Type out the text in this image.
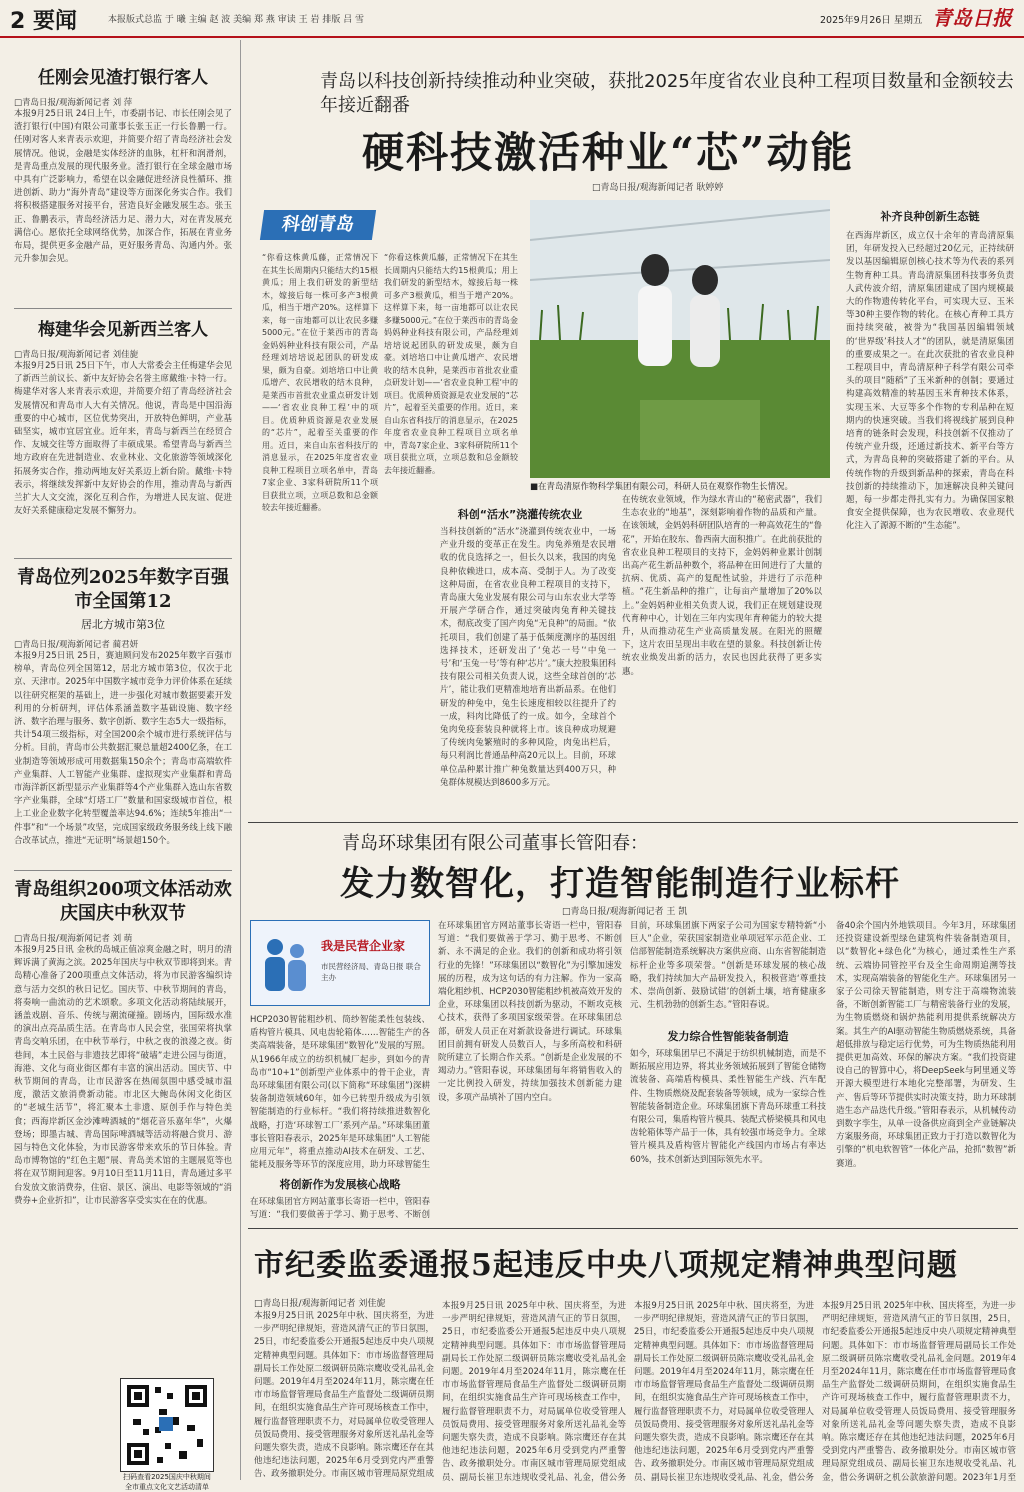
2 要闻	本报版式总监 于 曦 主编 赵 波 美编 郑 燕 审读 王 岩 排版 吕 雪	2025年9月26日 星期五 青岛日报
任刚会见渣打银行客人
□青岛日报/观海新闻记者 刘 萍
本报9月25日讯 24日上午，市委副书记、市长任刚会见了渣打银行(中国)有限公司董事长张玉正一行长鲁鹏一行。任刚对客人来青表示欢迎，并简要介绍了青岛经济社会发展情况。他说，金融是实体经济的血脉，杠杆和润滑剂，是青岛重点发展的现代服务业。渣打银行在全球金融市场中具有广泛影响力，希望在以金融促进经济良性循环、推进创新、助力“海外青岛”建设等方面深化务实合作。我们将积极搭建服务对接平台，营造良好金融发展生态。张玉正、鲁鹏表示，青岛经济活力足、潜力大，对在青发展充满信心。愿依托全球网络优势，加深合作，拓展在青业务布局，提供更多金融产品，更好服务青岛、沟通内外。张元升参加会见。
梅建华会见新西兰客人
□青岛日报/观海新闻记者 刘佳旎
本报9月25日讯 25日下午，市人大常委会主任梅建华会见了新西兰前议长、新中友好协会名誉主席戴维·卡特一行。梅建华对客人来青表示欢迎，并简要介绍了青岛经济社会发展情况和青岛市人大有关情况。他说，青岛是中国沿海重要的中心城市，区位优势突出，开放特色鲜明，产业基础坚实，城市宜居宜业。近年来，青岛与新西兰在经贸合作、友城交往等方面取得了丰硕成果。希望青岛与新西兰地方政府在先进制造业、农业林业、文化旅游等领域深化拓展务实合作，推动两地友好关系迈上新台阶。戴维·卡特表示，将继续发挥新中友好协会的作用，推动青岛与新西兰扩大人文交流，深化互利合作，为增进人民友谊、促进友好关系健康稳定发展不懈努力。
青岛位列2025年数字百强市全国第12
居北方城市第3位
□青岛日报/观海新闻记者 蔺君妍
本报9月25日讯 25日，赛迪顾问发布2025年数字百强市榜单，青岛位列全国第12，居北方城市第3位，仅次于北京、天津市。2025年中国数字城市竞争力评价体系在延续以往研究框架的基础上，进一步强化对城市数据要素开发利用的分析研判，评估体系涵盖数字基础设施、数字经济、数字治理与服务、数字创新、数字生态5大一级指标，共计54项三级指标，对全国200余个城市进行系统评估与分析。目前，青岛市公共数据汇聚总量超2400亿条，在工业制造等领域形成可用数据集150余个；青岛市高端软件产业集群、人工智能产业集群、虚拟现实产业集群和青岛市海洋新区新型显示产业集群等4个产业集群入选山东省数字产业集群，全球“灯塔工厂”数量和国家级城市首位，根上工业企业数字化转型覆盖率达94.6%；连续5年推出“一件事”和“一个场景”攻坚，完成国家级政务服务线上线下融合改革试点，推进“无证明”场景超150个。
青岛组织200项文体活动欢庆国庆中秋双节
□青岛日报/观海新闻记者 刘 萌
本报9月25日讯 金秋的岛城正值凉爽金融之时，明月的清辉诉满了黄海之滨。2025年国庆与中秋双节即将到来。青岛精心准备了200项重点文体活动，将为市民游客编织诗意与活力交织的秋日记忆。国庆节、中秋节期间的青岛，将奏响一曲流动的艺术颂歌。多项文化活动将陆续展开，涵盖戏剧、音乐、传统与潮流碰撞。剧场内，国际级水准的演出点亮品质生活。在青岛市人民会堂，张国荣将执掌青岛交响乐团，在中秋节举行，中秋之夜的浪漫之夜。街巷间，本土民俗与非遗技艺即将“破墙”走进公园与街道，海港、文化与商业街区都有丰富的演出活动。国庆节、中秋节期间的青岛，让市民游客在热闹氛围中感受城市温度，激活文旅消费新动能。市北区大鲍岛休闲文化街区的“老城生活节”，将汇聚本土非遗、原创手作与特色美食；西海岸新区金沙滩啤酒城的“烟花音乐嘉年华”，火爆登场；即墨古城、青岛国际啤酒城等活动将融合赏月、游园与特色文化体验，为市民游客带来欢乐的节日体验。青岛市博物馆的“红色主题”展、青岛美术馆的主题展览等也将在双节期间迎客。9月10日至11月11日，青岛通过多平台发放文旅消费券，住宿、景区、演出、电影等领域的“消费券+企业折扣”，让市民游客享受实实在在的优惠。
扫码查看2025国庆中秋期间全市重点文化文艺活动清单
青岛以科技创新持续推动种业突破，获批2025年度省农业良种工程项目数量和金额较去年接近翻番
硬科技激活种业“芯”动能
□青岛日报/观海新闻记者 耿婷婷
科创青岛
■在青岛清原作物科学集团有限公司，科研人员在观察作物生长情况。
“你看这株黄瓜藤，正常情况下在其生长周期内只能结大约15根黄瓜；用上我们研发的新型结木，嫁接后每一株可多产3根黄瓜，相当于增产20%。这样算下来，每一亩地都可以让农民多赚5000元。”在位于莱西市的青岛金妈妈种业科技有限公司，产品经理刘培培说起团队的研发成果，颇为自豪。刘培培口中让黄瓜增产、农民增收的结木良种，是莱西市首批农业重点研发计划——‘省农业良种工程’中的项目。优质种质资源是农业发展的“芯片”，起着至关重要的作用。近日，来自山东省科技厅的消息显示，在2025年度省农业良种工程项目立项名单中，青岛7家企业、3家科研院所11个项目获批立项，立项总数和总金额较去年接近翻番。
“你看这株黄瓜藤，正常情况下在其生长周期内只能结大约15根黄瓜；用上我们研发的新型结木，嫁接后每一株可多产3根黄瓜，相当于增产20%。这样算下来，每一亩地都可以让农民多赚5000元。”在位于莱西市的青岛金妈妈种业科技有限公司，产品经理刘培培说起团队的研发成果，颇为自豪。刘培培口中让黄瓜增产、农民增收的结木良种，是莱西市首批农业重点研发计划——‘省农业良种工程’中的项目。优质种质资源是农业发展的“芯片”，起着至关重要的作用。近日，来自山东省科技厅的消息显示，在2025年度省农业良种工程项目立项名单中，青岛7家企业、3家科研院所11个项目获批立项，立项总数和总金额较去年接近翻番。
科创“活水”浇灌传统农业
当科技创新的“活水”浇灌到传统农业中，一场产业升级的变革正在发生。肉兔养殖是农民增收的优良选择之一，但长久以来，我国的肉兔良种依赖进口，成本高、受制于人。为了改变这种局面，在省农业良种工程项目的支持下，青岛康大兔业发展有限公司与山东农业大学等开展产学研合作，通过突破肉兔育种关键技术，彻底改变了国产肉兔“无良种”的局面。“依托项目，我们创建了基于低频度测序的基因组选择技术，还研发出了‘兔芯一号’‘中兔一号’和‘玉兔一号’等有种‘芯片’。”康大控股集团科技有限公司相关负责人说，这些全球首创的‘芯片’，能让我们更精准地培育出新品系。在他们研发的种兔中，兔生长速度相较以往提升了约一成，料肉比降低了约一成。如今，全球首个兔肉免疫套装良种就将上市。该良种成功规避了传统肉兔繁殖时的多种风险，肉兔出栏后，每只利润比普通品种高20元以上。目前，环球单位品种累计推广种兔数量达到400万只，种兔群体规模达到8600多万元。
在传统农业领域，作为绿水青山的“秘密武器”，我们生态农业的“地基”，深刻影响着作物的品质和产量。在该领域，金妈妈科研团队培育的一种高效花生的“鲁花”，开始在胶东、鲁西南大面积推广。在此前获批的省农业良种工程项目的支持下，金妈妈种业累计创制出高产花生新品种数个，将品种在田间进行了大量的抗病、优质、高产的复配性试验，并进行了示范种植。“花生新品种的推广，让每亩产量增加了20%以上。”金妈妈种业相关负责人说，我们正在规划建设现代育种中心，计划在三年内实现年育种能力的较大提升，从而推动花生产业高质量发展。在阳光的照耀下，这片农田呈现出丰收在望的景象。科技创新让传统农业焕发出新的活力，农民也因此获得了更多实惠。
补齐良种创新生态链
在西海岸新区，成立仅十余年的青岛清原集团，年研发投入已经超过20亿元，正持续研发以基因编辑原创核心技术等为代表的系列生物育种工具。青岛清原集团科技事务负责人武传波介绍，清原集团建成了国内规模最大的作物遗传转化平台，可实现大豆、玉米等30种主要作物的转化。在核心育种工具方面持续突破，被誉为“我国基因编辑领域的‘世界级’科技人才”的团队，就是清原集团的重要成果之一。在此次获批的省农业良种工程项目中，青岛清原种子科学有限公司牵头的项目“随稻”了玉米新种的创制；要通过构建高效精准的转基因玉米育种技术体系，实现玉米、大豆等多个作物的专利品种在短期内的快速突破。当我们将视线扩展到良种培育的链条时会发现，科技创新不仅推动了传统产业升级，还通过新技术、新平台等方式，为青岛良种的突破搭建了新的平台。从传统作物的升级到新品种的探索，青岛在科技创新的持续推动下，加速解决良种关键问题，每一步都走得扎实有力。为确保国家粮食安全提供保障，也为农民增收、农业现代化注入了源源不断的“生态能”。
青岛环球集团有限公司董事长管阳春：
发力数智化，打造智能制造行业标杆
□青岛日报/观海新闻记者 王 凯
我是民营企业家
市民营经济局、青岛日报 联合主办
HCP2030智能粗纱机、筒纱智能柔性包装线、盾构管片模具、风电齿轮箱体……智能生产的各类高端装备，是环球集团“数智化”发展的写照。从1966年成立的纺织机械厂起步，到如今的青岛市“10+1”创新型产业体系中的骨干企业，青岛环球集团有限公司(以下简称“环球集团”)深耕装备制造领域60年，如今已转型升级成为引领智能制造的行业标杆。“我们将持续推进数智化战略，打造‘环球智工厂’系列产品。”环球集团董事长管阳春表示，2025年是环球集团“人工智能应用元年”，将重点推动AI技术在研发、工艺、能耗及服务等环节的深度应用，助力环球智能生
将创新作为发展核心战略
在环球集团官方网站董事长寄语一栏中，管阳春写道：“我们要做善于学习、勤于思考、不断创
在环球集团官方网站董事长寄语一栏中，管阳春写道：“我们要做善于学习、勤于思考、不断创新、永不满足的企业。我们的创新和成功将引领行业的先锋！”环球集团以“数智化”为引擎加速发展的历程，成为这句话的有力注解。作为一家高端化粗纱机、HCP2030智能粗纱机被高效开发的企业，环球集团以科技创新为驱动，不断攻克核心技术，获得了多项国家级荣誉。在环球集团总部，研发人员正在对新款设备进行调试。环球集团目前拥有研发人员数百人，与多所高校和科研院所建立了长期合作关系。“创新是企业发展的不竭动力。”管阳春说，环球集团每年将销售收入的一定比例投入研发，持续加强技术创新能力建设，多项产品填补了国内空白。
目前，环球集团旗下两家子公司为国家专精特新“小巨人”企业，荣获国家制造业单项冠军示范企业、工信部智能制造系统解决方案供应商、山东省智能制造标杆企业等多项荣誉。“创新是环球发展的核心战略，我们持续加大产品研发投入，积极营造‘尊重技术、崇尚创新、鼓励试错’的创新土壤，培育健康多元、生机勃勃的创新生态。”管阳春说。
发力综合性智能装备制造
如今，环球集团早已不满足于纺织机械制造，而是不断拓展应用边界，将其业务领域拓展到了智能仓储物流装备、高端盾构模具、柔性智能生产线、汽车配件、生物质燃烧及配套装备等领域，成为一家综合性智能装备制造企业。环球集团旗下青岛环球重工科技有限公司，集盾构管片模具、装配式桥梁模具和风电齿轮箱体等产品于一体，具有较强市场竞争力。全球管片模具及盾构管片智能化产线国内市场占有率达60%，技术创新达到国际领先水平。
备40余个国内外地铁项目。今年3月，环球集团还投资建设新型绿色建筑构件装备制造项目，以“数智化+绿色化”为核心，通过柔性生产系统、云端协同管控平台及全生命周期追溯等技术，实现高端装备的智能化生产。环球集团另一家子公司徐天智能制造，则专注于高端物流装备，不断创新智能工厂与精密装备行业的发展，为生物质燃烧和锅炉热能利用提供系统解决方案。其生产的AI驱动智能生物质燃烧系统，具备超低排放与稳定运行优势，可为生物质热能利用提供更加高效、环保的解决方案。“我们投资建设自己的智算中心，将DeepSeek与阿里通义等开源大模型进行本地化完整部署，为研发、生产、售后等环节提供实时决策支持，助力环球制造生态产品迭代升级。”管阳春表示，从机械传动到数字孪生，从单一设备供应商到全产业链解决方案服务商，环球集团正致力于打造以数智化为引擎的“机电软智管”一体化产品，抢抓“数智”新赛道。
市纪委监委通报5起违反中央八项规定精神典型问题
□青岛日报/观海新闻记者 刘佳旎
本报9月25日讯 2025年中秋、国庆将至，为进一步严明纪律规矩，营造风清气正的节日氛围，25日，市纪委监委公开通报5起违反中央八项规定精神典型问题。具体如下：市市场监督管理局副局长工作处原二级调研员陈宗鹰收受礼品礼金问题。2019年4月至2024年11月，陈宗鹰在任市市场监督管理局食品生产监督处二级调研员期间，在组织实施食品生产许可现场核查工作中，履行监督管理职责不力，对局属单位收受管理人员饭局费用、接受管理服务对象所送礼品礼金等问题失察失责，造成不良影响。陈宗鹰还存在其他违纪违法问题，2025年6月受到党内严重警告、政务撤职处分。市南区城市管理局原党组成
本报9月25日讯 2025年中秋、国庆将至，为进一步严明纪律规矩，营造风清气正的节日氛围，25日，市纪委监委公开通报5起违反中央八项规定精神典型问题。具体如下：市市场监督管理局副局长工作处原二级调研员陈宗鹰收受礼品礼金问题。2019年4月至2024年11月，陈宗鹰在任市市场监督管理局食品生产监督处二级调研员期间，在组织实施食品生产许可现场核查工作中，履行监督管理职责不力，对局属单位收受管理人员饭局费用、接受管理服务对象所送礼品礼金等问题失察失责，造成不良影响。陈宗鹰还存在其他违纪违法问题，2025年6月受到党内严重警告、政务撤职处分。市南区城市管理局原党组成员、副局长崔卫东违规收受礼品、礼金，借公务
本报9月25日讯 2025年中秋、国庆将至，为进一步严明纪律规矩，营造风清气正的节日氛围，25日，市纪委监委公开通报5起违反中央八项规定精神典型问题。具体如下：市市场监督管理局副局长工作处原二级调研员陈宗鹰收受礼品礼金问题。2019年4月至2024年11月，陈宗鹰在任市市场监督管理局食品生产监督处二级调研员期间，在组织实施食品生产许可现场核查工作中，履行监督管理职责不力，对局属单位收受管理人员饭局费用、接受管理服务对象所送礼品礼金等问题失察失责，造成不良影响。陈宗鹰还存在其他违纪违法问题，2025年6月受到党内严重警告、政务撤职处分。市南区城市管理局原党组成员、副局长崔卫东违规收受礼品、礼金，借公务
本报9月25日讯 2025年中秋、国庆将至，为进一步严明纪律规矩，营造风清气正的节日氛围，25日，市纪委监委公开通报5起违反中央八项规定精神典型问题。具体如下：市市场监督管理局副局长工作处原二级调研员陈宗鹰收受礼品礼金问题。2019年4月至2024年11月，陈宗鹰在任市市场监督管理局食品生产监督处二级调研员期间，在组织实施食品生产许可现场核查工作中，履行监督管理职责不力，对局属单位收受管理人员饭局费用、接受管理服务对象所送礼品礼金等问题失察失责，造成不良影响。陈宗鹰还存在其他违纪违法问题，2025年6月受到党内严重警告、政务撤职处分。市南区城市管理局原党组成员、副局长崔卫东违规收受礼品、礼金，借公务调研之机公款旅游问题。2023年1月至
